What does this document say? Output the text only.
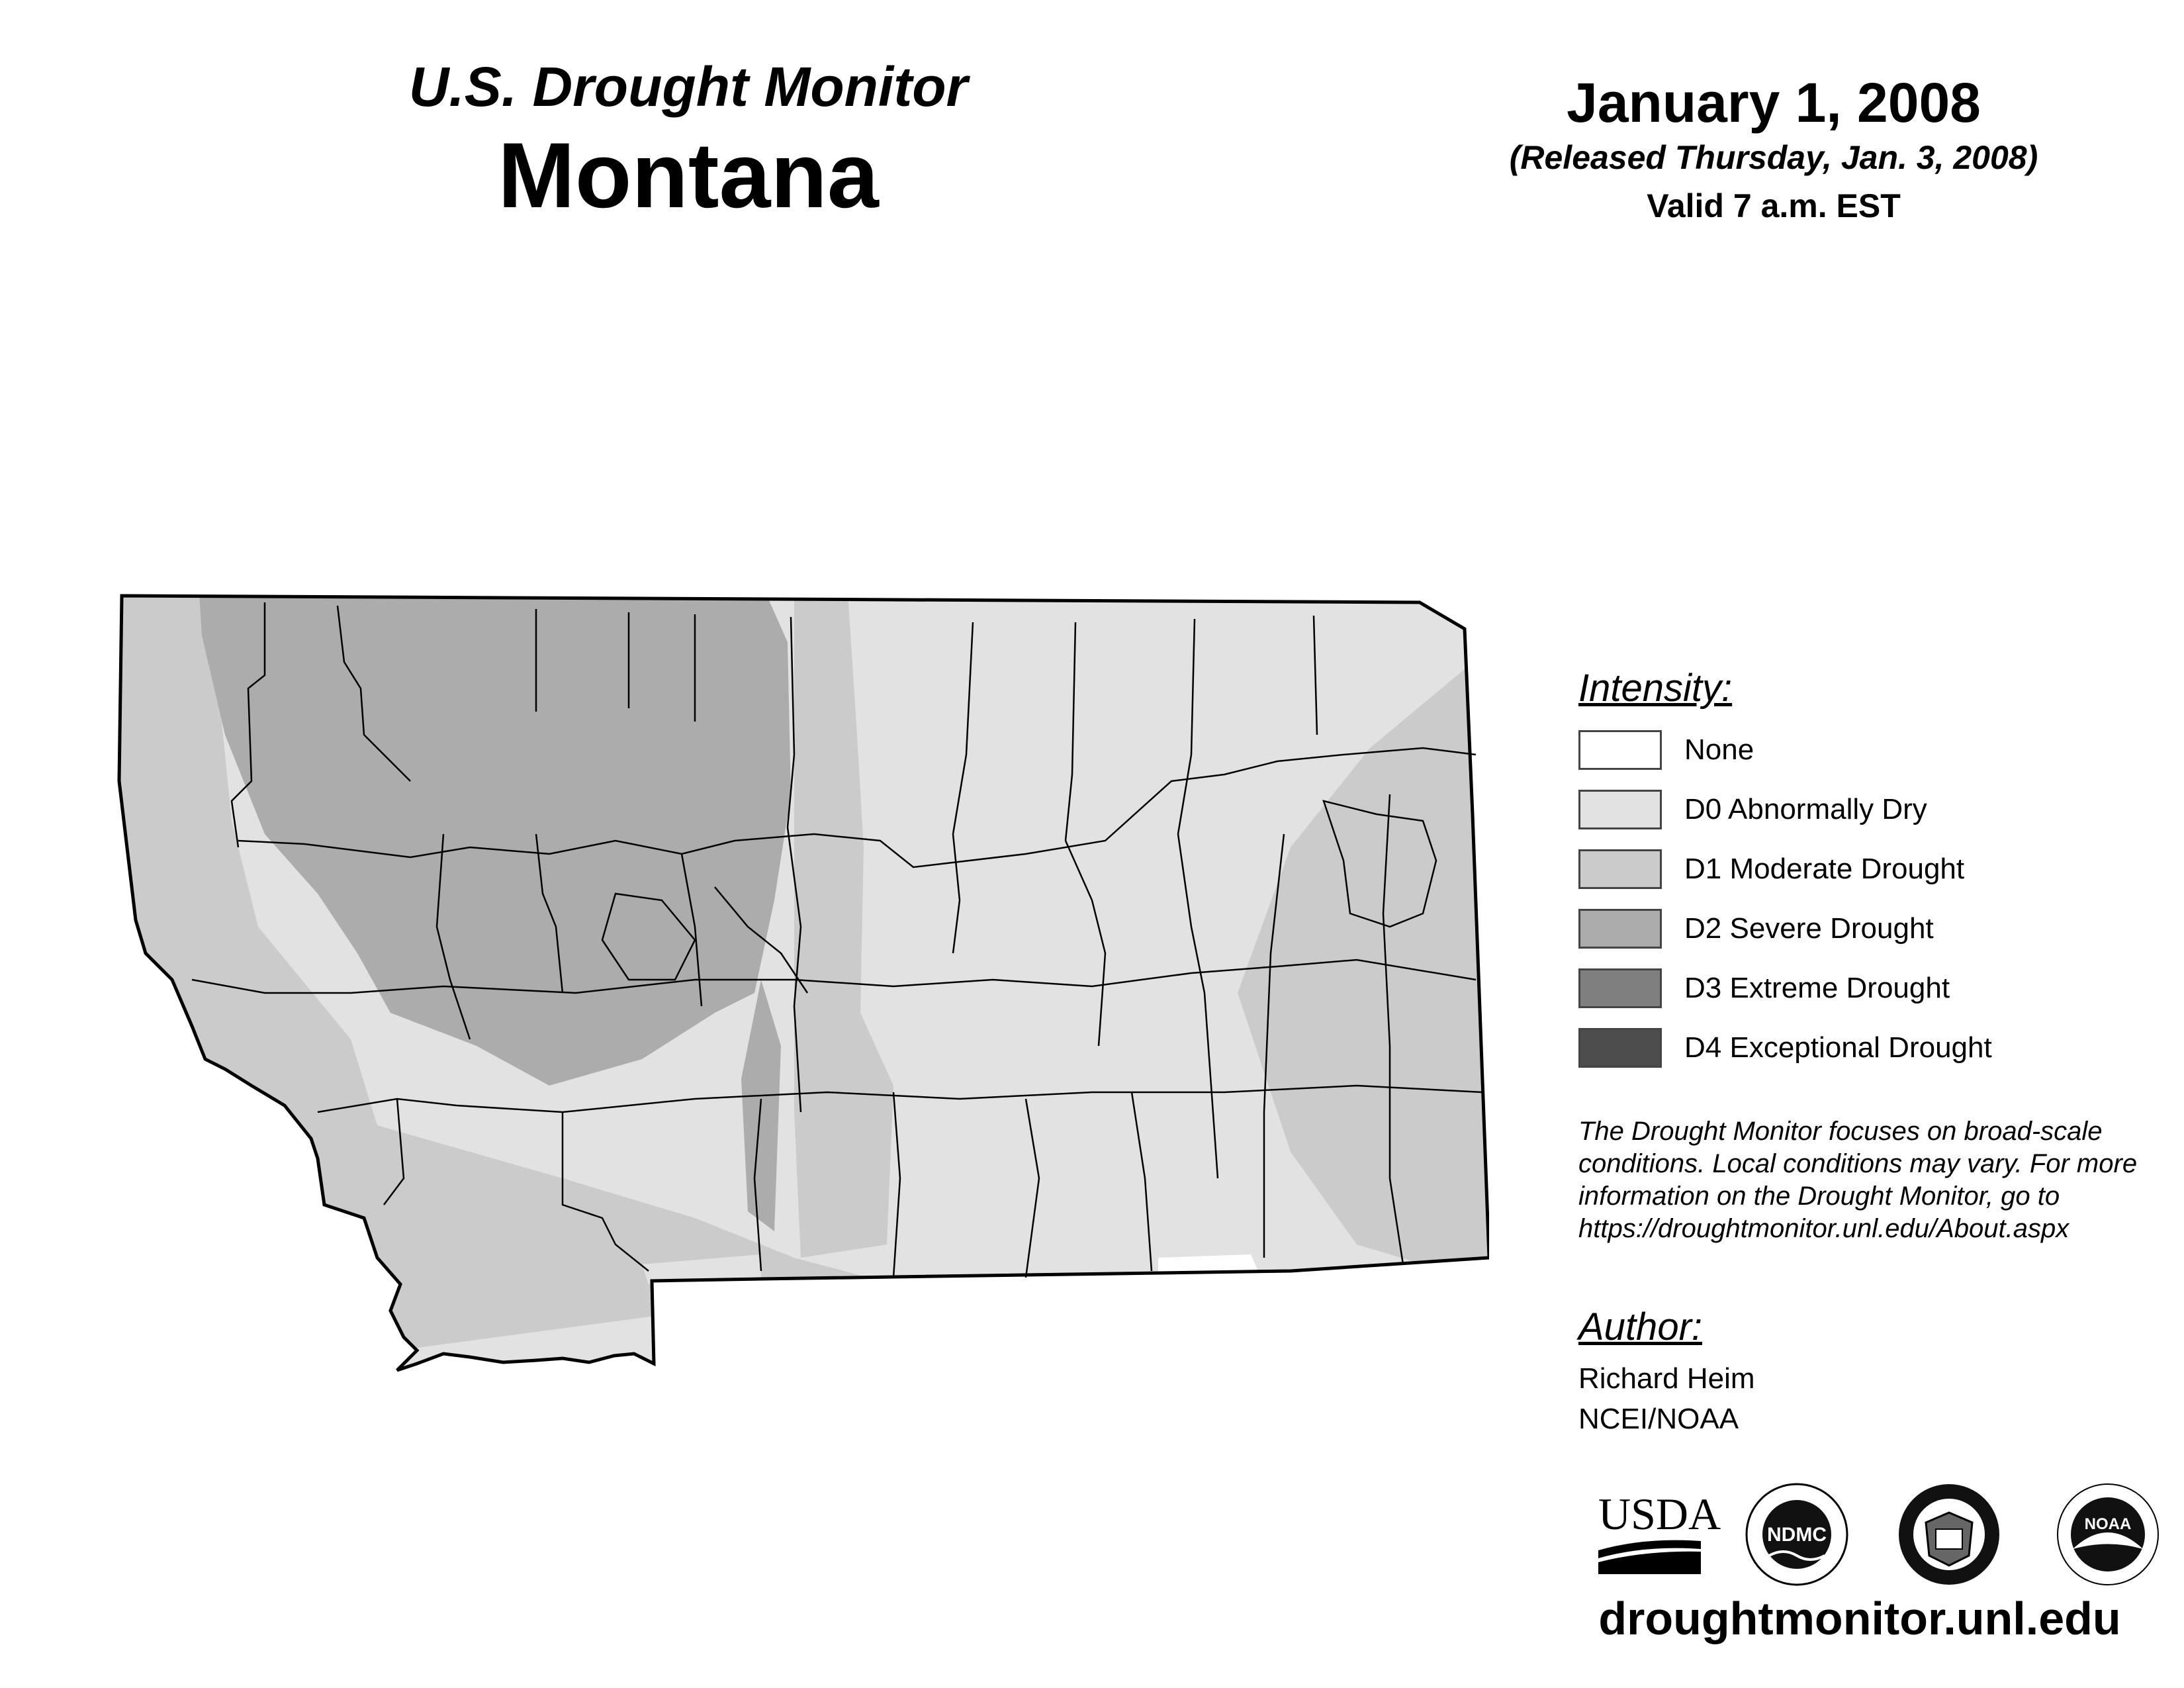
U.S. Drought Monitor
Montana
January 1, 2008
(Released Thursday, Jan. 3, 2008)
Valid 7 a.m. EST
Intensity:
None
D0 Abnormally Dry
D1 Moderate Drought
D2 Severe Drought
D3 Extreme Drought
D4 Exceptional Drought
The Drought Monitor focuses on broad-scale
conditions. Local conditions may vary. For more
information on the Drought Monitor, go to
https://droughtmonitor.unl.edu/About.aspx
Author:
Richard Heim
NCEI/NOAA
USDA NDMC	NOAA
droughtmonitor.unl.edu
